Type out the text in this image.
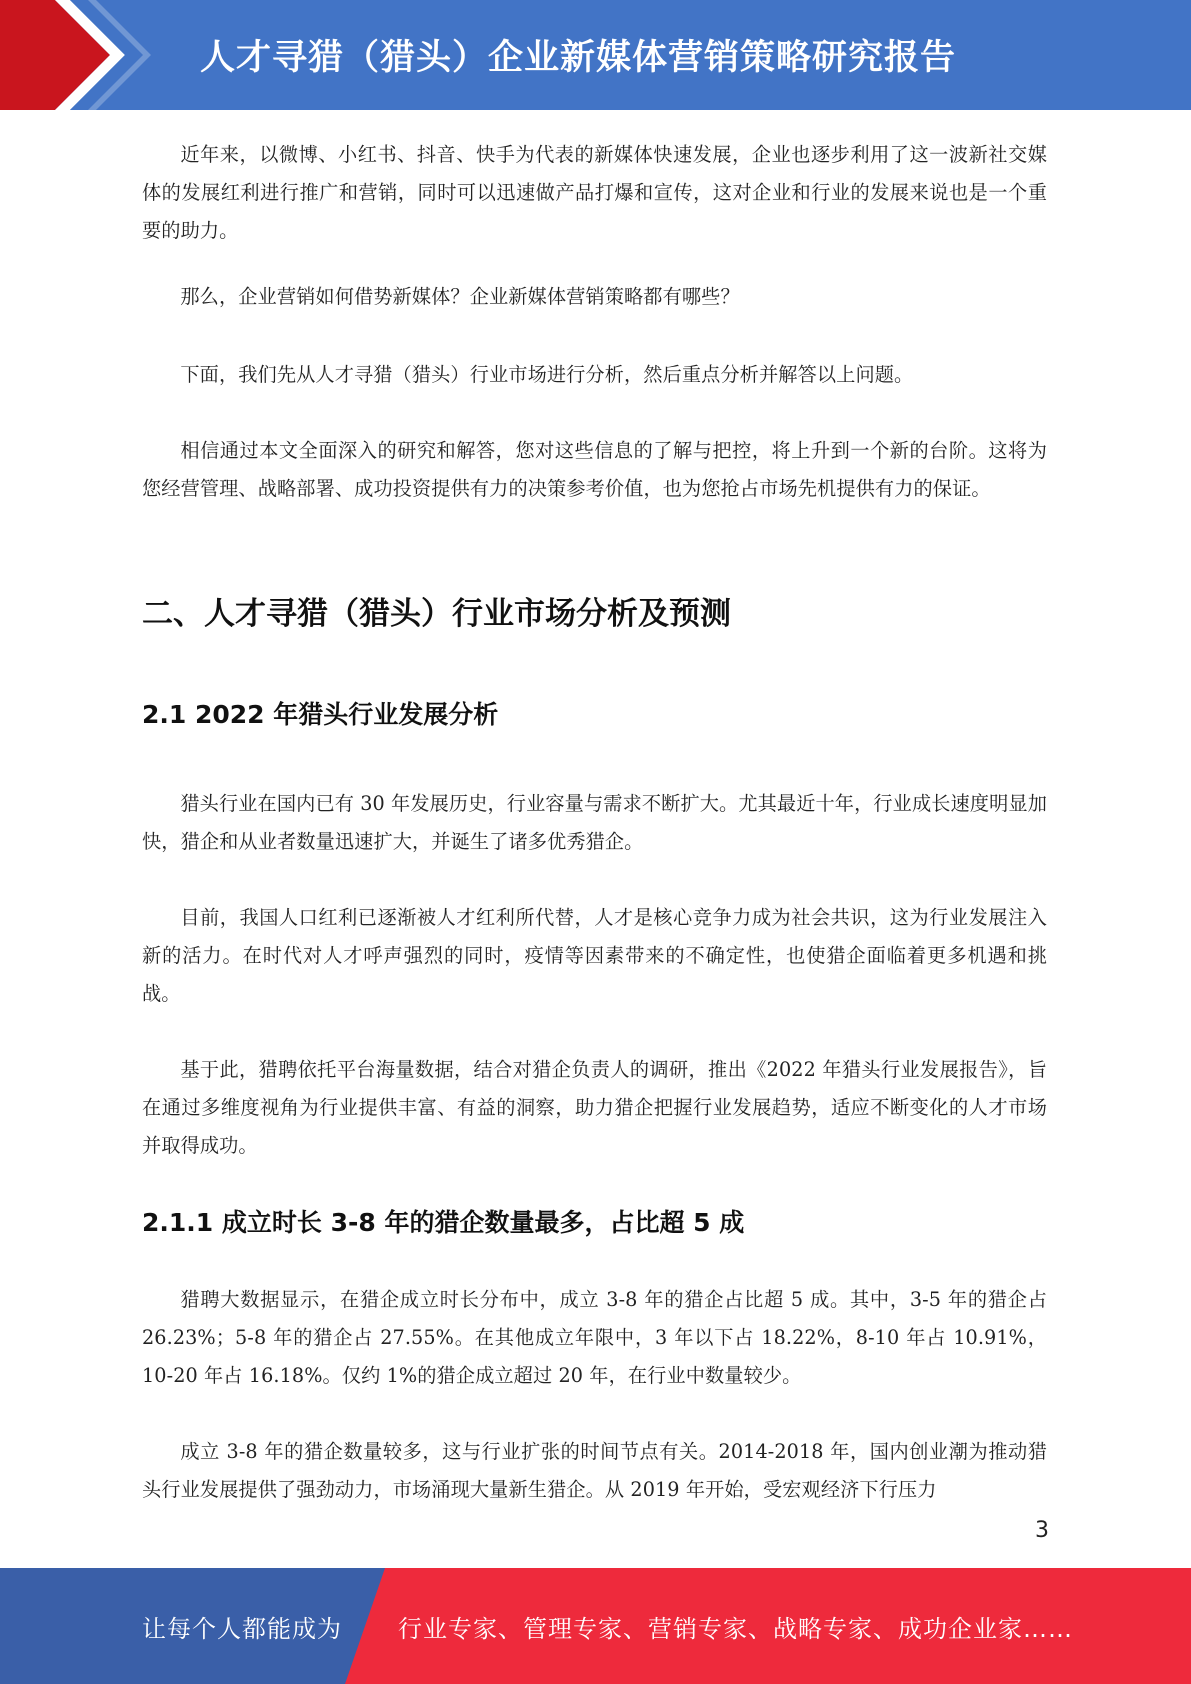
人才寻猎（猎头）企业新媒体营销策略研究报告

近年来，以微博、小红书、抖音、快手为代表的新媒体快速发展，企业也逐步利用了这一波新社交媒体的发展红利进行推广和营销，同时可以迅速做产品打爆和宣传，这对企业和行业的发展来说也是一个重要的助力。

那么，企业营销如何借势新媒体？企业新媒体营销策略都有哪些？

下面，我们先从人才寻猎（猎头）行业市场进行分析，然后重点分析并解答以上问题。

相信通过本文全面深入的研究和解答，您对这些信息的了解与把控，将上升到一个新的台阶。这将为您经营管理、战略部署、成功投资提供有力的决策参考价值，也为您抢占市场先机提供有力的保证。

二、人才寻猎（猎头）行业市场分析及预测
2.1 2022 年猎头行业发展分析

猎头行业在国内已有 30 年发展历史，行业容量与需求不断扩大。尤其最近十年，行业成长速度明显加快，猎企和从业者数量迅速扩大，并诞生了诸多优秀猎企。

目前，我国人口红利已逐渐被人才红利所代替，人才是核心竞争力成为社会共识，这为行业发展注入新的活力。在时代对人才呼声强烈的同时，疫情等因素带来的不确定性，也使猎企面临着更多机遇和挑战。

基于此，猎聘依托平台海量数据，结合对猎企负责人的调研，推出《2022 年猎头行业发展报告》，旨在通过多维度视角为行业提供丰富、有益的洞察，助力猎企把握行业发展趋势，适应不断变化的人才市场并取得成功。

2.1.1 成立时长 3-8 年的猎企数量最多，占比超 5 成

猎聘大数据显示，在猎企成立时长分布中，成立 3-8 年的猎企占比超 5 成。其中，3-5 年的猎企占 26.23%；5-8 年的猎企占 27.55%。在其他成立年限中，3 年以下占 18.22%，8-10 年占 10.91%，10-20 年占 16.18%。仅约 1%的猎企成立超过 20 年，在行业中数量较少。

成立 3-8 年的猎企数量较多，这与行业扩张的时间节点有关。2014-2018 年，国内创业潮为推动猎头行业发展提供了强劲动力，市场涌现大量新生猎企。从 2019 年开始，受宏观经济下行压力

3
让每个人都能成为 行业专家、管理专家、营销专家、战略专家、成功企业家……
